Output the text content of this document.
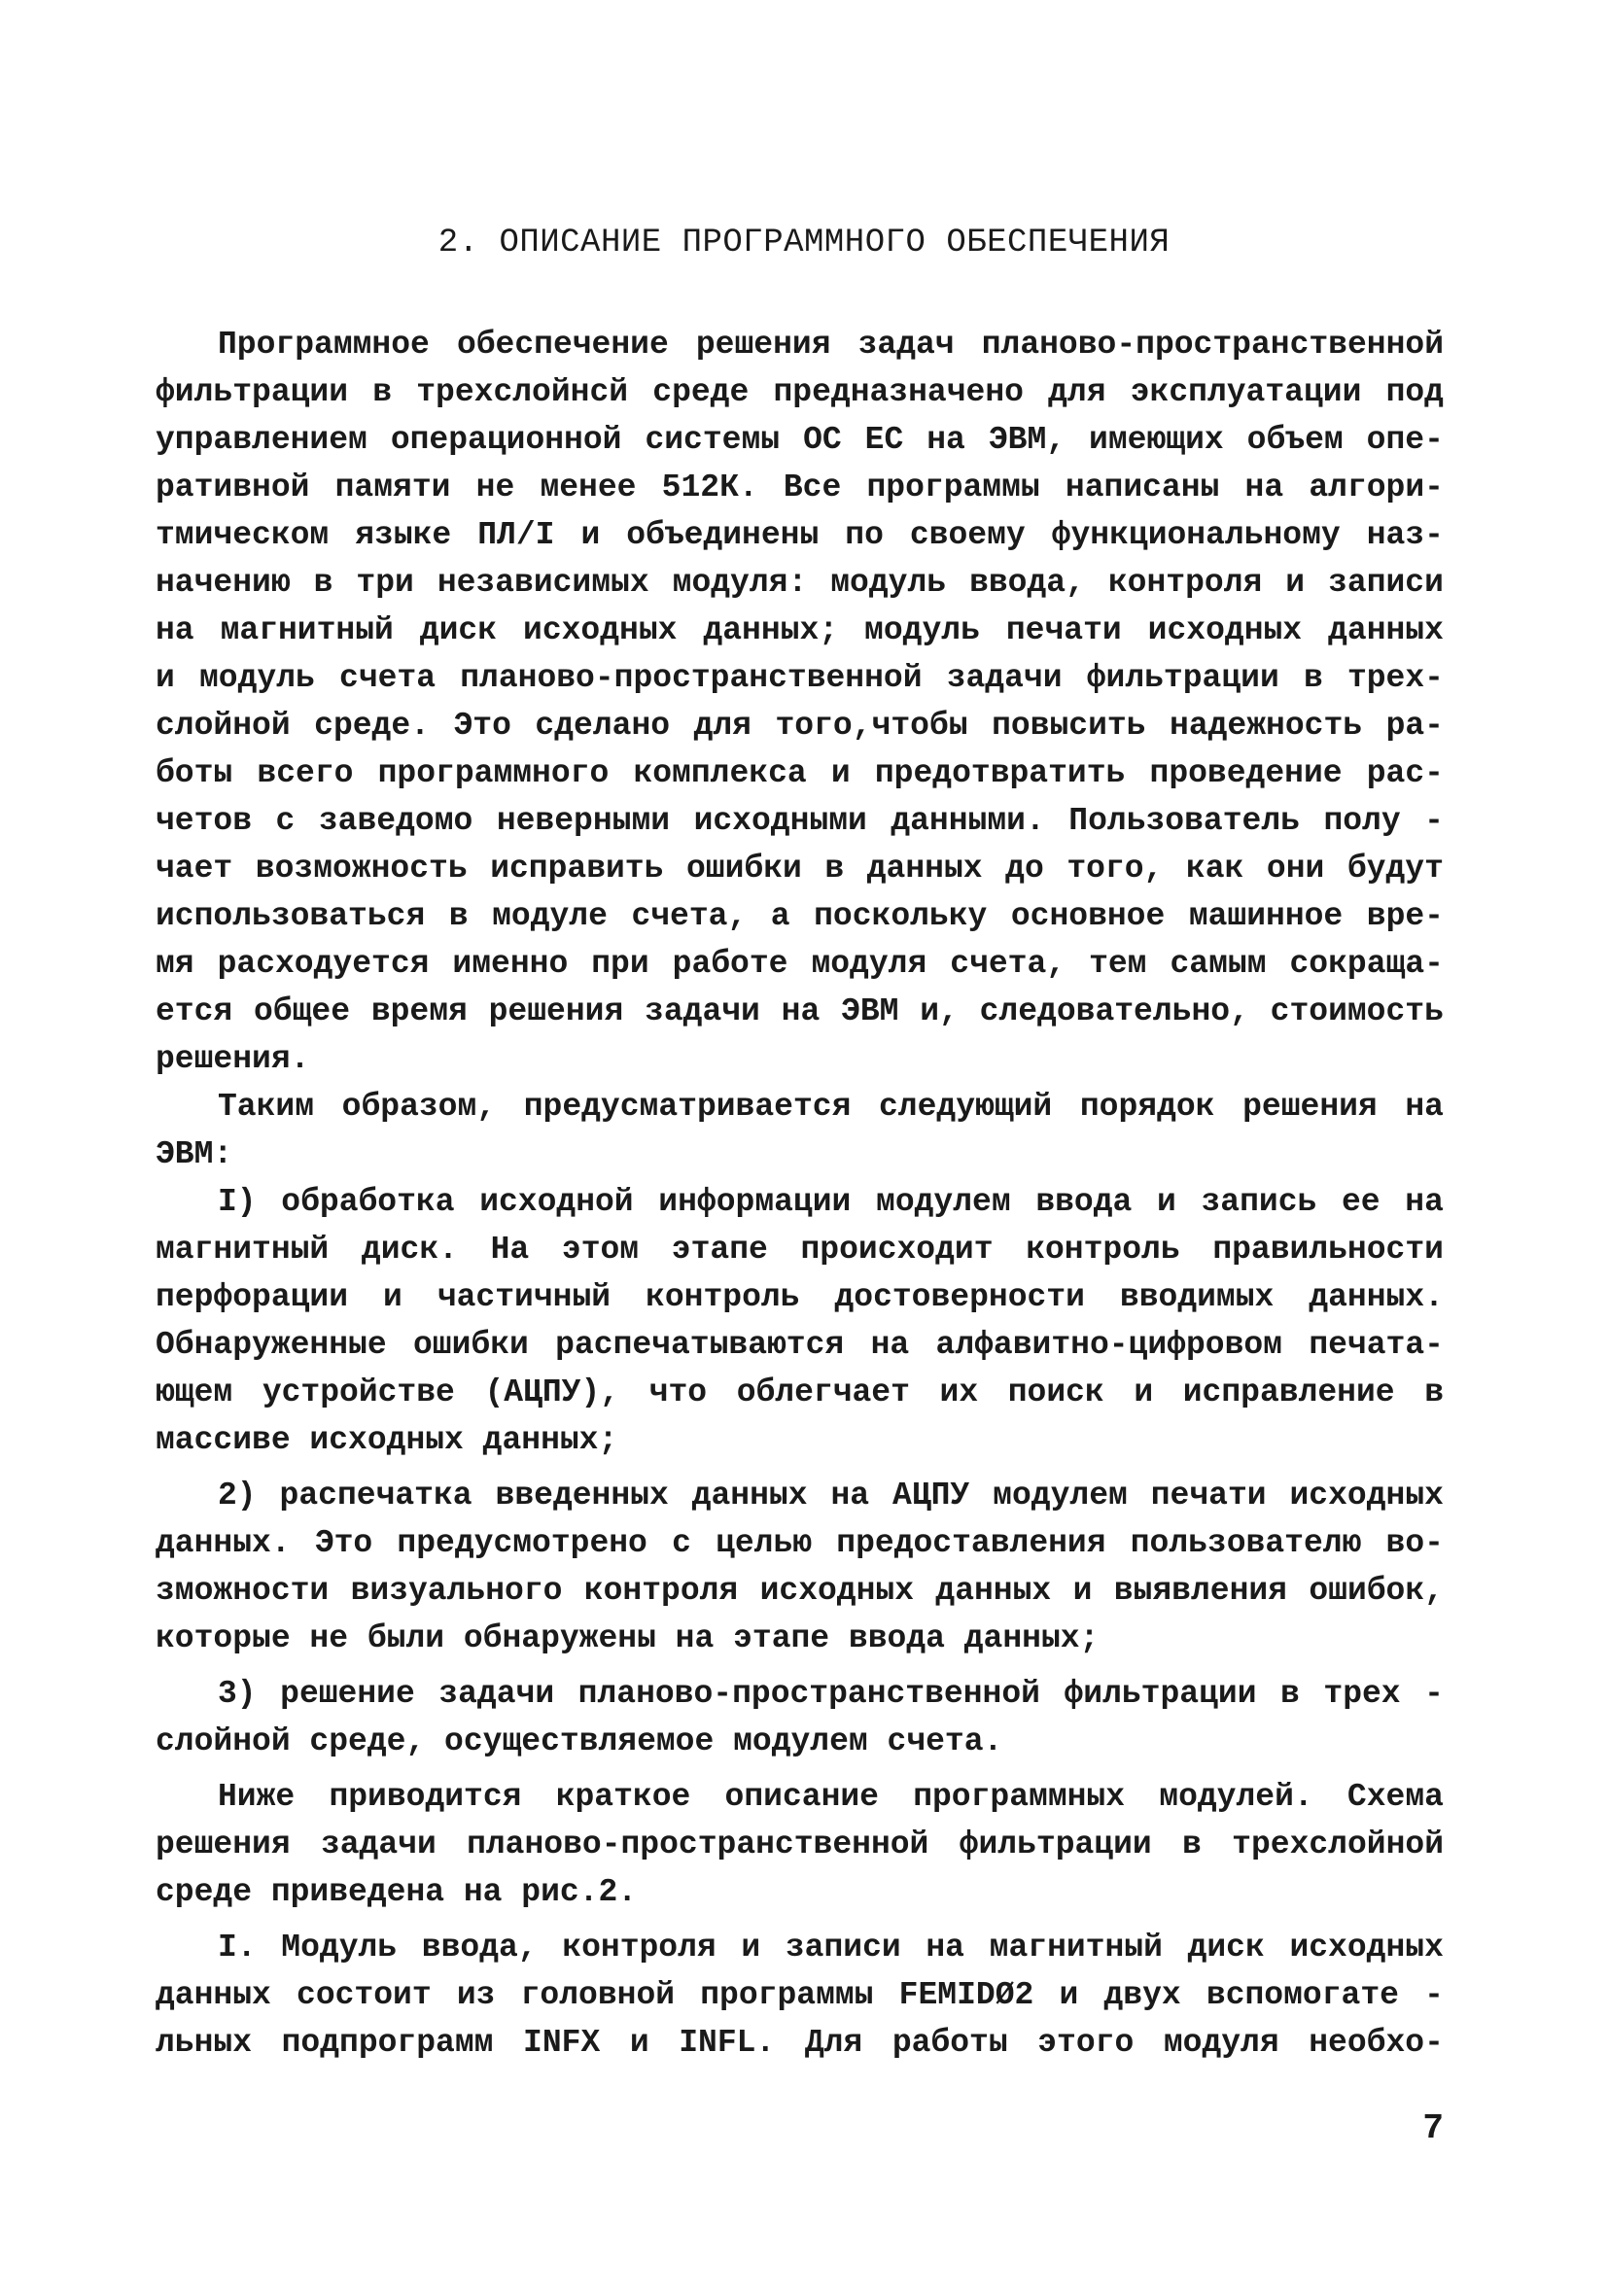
2. ОПИСАНИЕ ПРОГРАММНОГО ОБЕСПЕЧЕНИЯ
Программное обеспечение решения задач планово-пространственной
фильтрации в трехслойнсй среде предназначено для эксплуатации под
управлением операционной системы ОС ЕС на ЭВМ, имеющих объем опе-
ративной памяти не менее 512К. Все программы написаны на алгори-
тмическом языке ПЛ/I и объединены по своему функциональному наз-
начению в три независимых модуля: модуль ввода, контроля и записи
на магнитный диск исходных данных; модуль печати исходных данных
и модуль счета планово-пространственной задачи фильтрации в трех-
слойной среде. Это сделано для того,чтобы повысить надежность ра-
боты всего программного комплекса и предотвратить проведение рас-
четов с заведомо неверными исходными данными. Пользователь полу -
чает возможность исправить ошибки в данных до того, как они будут
использоваться в модуле счета, а поскольку основное машинное вре-
мя расходуется именно при работе модуля счета, тем самым сокраща-
ется общее время решения задачи на ЭВМ и, следовательно, стоимость
решения.
Таким образом, предусматривается следующий порядок решения на
ЭВМ:
I) обработка исходной информации модулем ввода и запись ее на
магнитный диск. На этом этапе происходит контроль правильности
перфорации и частичный контроль достоверности вводимых данных.
Обнаруженные ошибки распечатываются на алфавитно-цифровом печата-
ющем устройстве (АЦПУ), что облегчает их поиск и исправление в
массиве исходных данных;
2) распечатка введенных данных на АЦПУ модулем печати исходных
данных. Это предусмотрено с целью предоставления пользователю во-
зможности визуального контроля исходных данных и выявления ошибок,
которые не были обнаружены на этапе ввода данных;
3) решение задачи планово-пространственной фильтрации в трех -
слойной среде, осуществляемое модулем счета.
Ниже приводится краткое описание программных модулей. Схема
решения задачи планово-пространственной фильтрации в трехслойной
среде приведена на рис.2.
I. Модуль ввода, контроля и записи на магнитный диск исходных
данных состоит из головной программы FEMIDØ2 и двух вспомогате -
льных подпрограмм INFX и INFL. Для работы этого модуля необхо-
7
